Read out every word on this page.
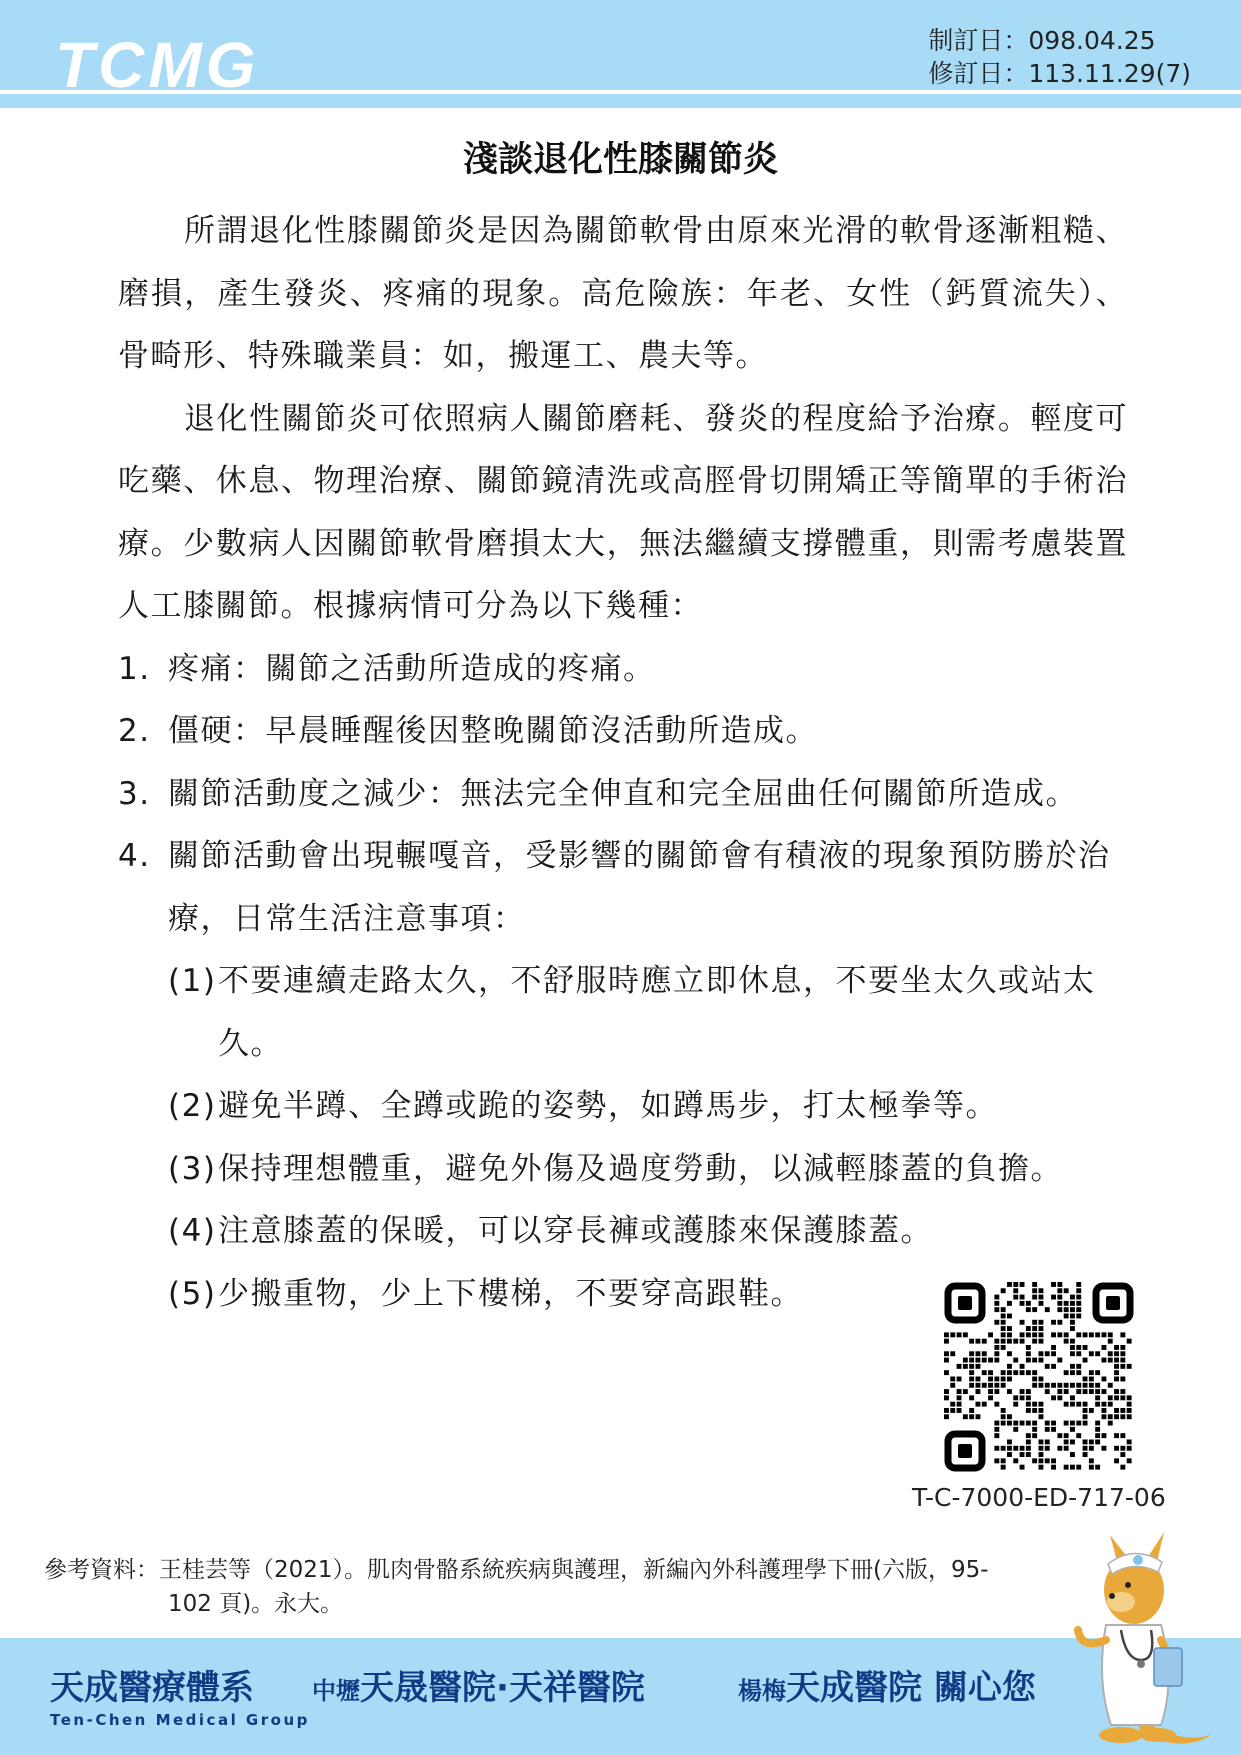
TCMG	制訂日：098.04.25
修訂日：113.11.29(7)
淺談退化性膝關節炎

所謂退化性膝關節炎是因為關節軟骨由原來光滑的軟骨逐漸粗糙、磨損，產生發炎、疼痛的現象。高危險族：年老、女性（鈣質流失）、骨畸形、特殊職業員：如，搬運工、農夫等。

退化性關節炎可依照病人關節磨耗、發炎的程度給予治療。輕度可吃藥、休息、物理治療、關節鏡清洗或高脛骨切開矯正等簡單的手術治療。少數病人因關節軟骨磨損太大，無法繼續支撐體重，則需考慮裝置人工膝關節。根據病情可分為以下幾種：

1. 疼痛：關節之活動所造成的疼痛。
2. 僵硬：早晨睡醒後因整晚關節沒活動所造成。
3. 關節活動度之減少：無法完全伸直和完全屈曲任何關節所造成。
4. 關節活動會出現輾嘎音，受影響的關節會有積液的現象預防勝於治療，日常生活注意事項：
(1) 不要連續走路太久，不舒服時應立即休息，不要坐太久或站太久。
(2) 避免半蹲、全蹲或跪的姿勢，如蹲馬步，打太極拳等。
(3) 保持理想體重，避免外傷及過度勞動，以減輕膝蓋的負擔。
(4) 注意膝蓋的保暖，可以穿長褲或護膝來保護膝蓋。
(5) 少搬重物，少上下樓梯，不要穿高跟鞋。
T-C-7000-ED-717-06
參考資料：王桂芸等（2021）。肌肉骨骼系統疾病與護理，新編內外科護理學下冊(六版，95-
102 頁)。永大。
天成醫療體系
Ten-Chen Medical Group
中壢天晟醫院·天祥醫院	楊梅天成醫院 關心您
